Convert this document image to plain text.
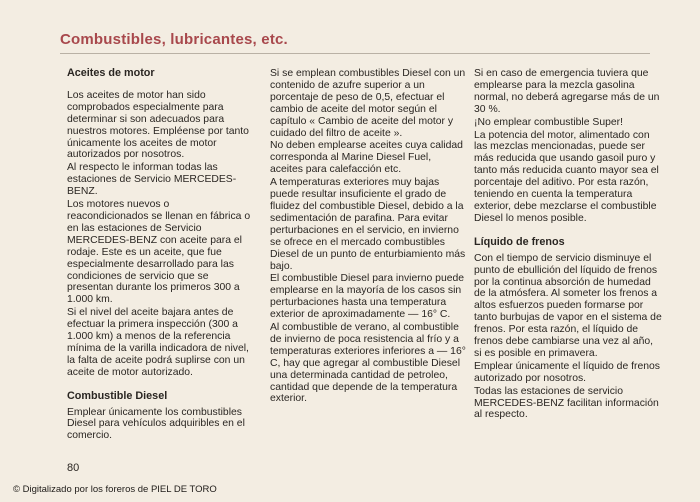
Combustibles, lubricantes, etc.
Aceites de motor

Los aceites de motor han sido comprobados especialmente para determinar si son adecuados para nuestros motores. Empléense por tanto únicamente los aceites de motor autorizados por nosotros.

Al respecto le informan todas las estaciones de Servicio MERCEDES-BENZ.

Los motores nuevos o reacondicionados se llenan en fábrica o en las estaciones de Servicio MERCEDES-BENZ con aceite para el rodaje. Este es un aceite, que fue especialmente desarrollado para las condiciones de servicio que se presentan durante los primeros 300 a 1.000 km.

Si el nivel del aceite bajara antes de efectuar la primera inspección (300 a 1.000 km) a menos de la referencia mínima de la varilla indicadora de nivel, la falta de aceite podrá suplirse con un aceite de motor autorizado.

Combustible Diesel

Emplear únicamente los combustibles Diesel para vehículos adquiribles en el comercio.

Si se emplean combustibles Diesel con un contenido de azufre superior a un porcentaje de peso de 0,5, efectuar el cambio de aceite del motor según el capítulo « Cambio de aceite del motor y cuidado del filtro de aceite ».

No deben emplearse aceites cuya calidad corresponda al Marine Diesel Fuel, aceites para calefacción etc.

A temperaturas exteriores muy bajas puede resultar insuficiente el grado de fluidez del combustible Diesel, debido a la sedimentación de parafina. Para evitar perturbaciones en el servicio, en invierno se ofrece en el mercado combustibles Diesel de un punto de enturbiamiento más bajo.

El combustible Diesel para invierno puede emplearse en la mayoría de los casos sin perturbaciones hasta una temperatura exterior de aproximadamente — 16° C.

Al combustible de verano, al combustible de invierno de poca resistencia al frío y a temperaturas exteriores inferiores a — 16° C, hay que agregar al combustible Diesel una determinada cantidad de petroleo, cantidad que depende de la temperatura exterior.

Si en caso de emergencia tuviera que emplearse para la mezcla gasolina normal, no deberá agregarse más de un 30 %.

¡No emplear combustible Super!

La potencia del motor, alimentado con las mezclas mencionadas, puede ser más reducida que usando gasoil puro y tanto más reducida cuanto mayor sea el porcentaje del aditivo. Por esta razón, teniendo en cuenta la temperatura exterior, debe mezclarse el combustible Diesel lo menos posible.

Líquido de frenos

Con el tiempo de servicio disminuye el punto de ebullición del líquido de frenos por la continua absorción de humedad de la atmósfera. Al someter los frenos a altos esfuerzos pueden formarse por tanto burbujas de vapor en el sistema de frenos. Por esta razón, el líquido de frenos debe cambiarse una vez al año, si es posible en primavera.

Emplear únicamente el líquido de frenos autorizado por nosotros.

Todas las estaciones de servicio MERCEDES-BENZ facilitan información al respecto.

80
© Digitalizado por los foreros de PIEL DE TORO
